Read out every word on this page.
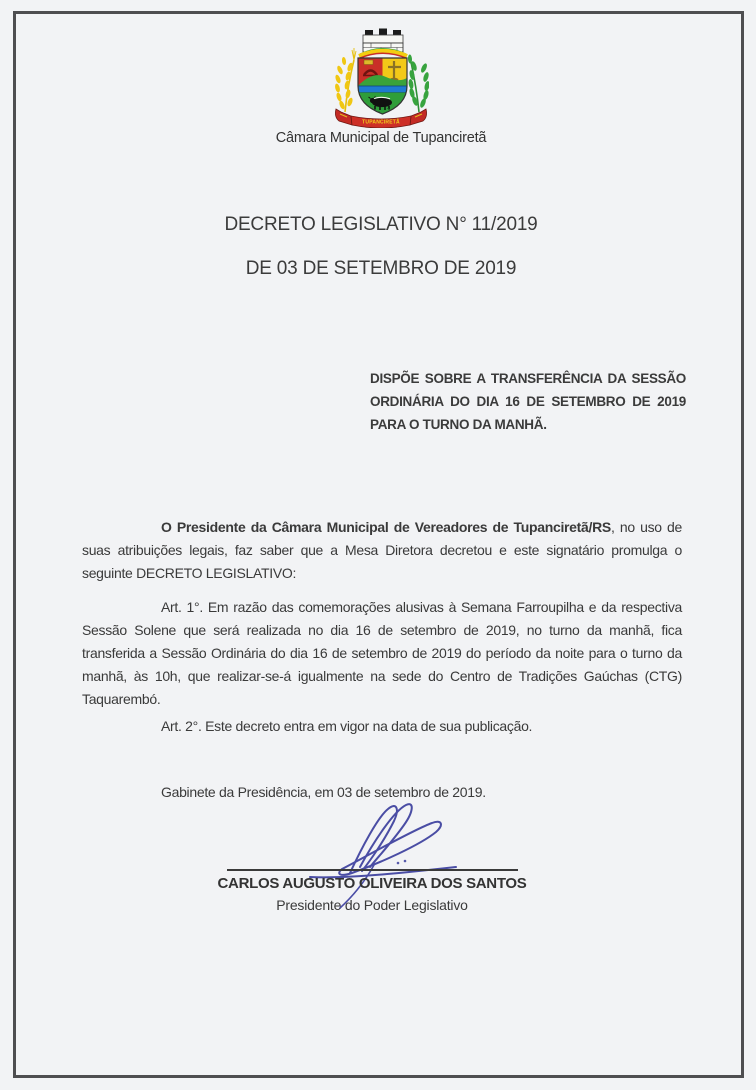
TUPANCIRETÃ
Câmara Municipal de Tupanciretã
DECRETO LEGISLATIVO N° 11/2019
DE 03 DE SETEMBRO DE 2019
DISPÕE SOBRE A TRANSFERÊNCIA DA SESSÃO ORDINÁRIA DO DIA 16 DE SETEMBRO DE 2019 PARA O TURNO DA MANHÃ.

O Presidente da Câmara Municipal de Vereadores de Tupanciretã/RS, no uso de suas atribuições legais, faz saber que a Mesa Diretora decretou e este signatário promulga o seguinte DECRETO LEGISLATIVO:

Art. 1°. Em razão das comemorações alusivas à Semana Farroupilha e da respectiva Sessão Solene que será realizada no dia 16 de setembro de 2019, no turno da manhã, fica transferida a Sessão Ordinária do dia 16 de setembro de 2019 do período da noite para o turno da manhã, às 10h, que realizar-se-á igualmente na sede do Centro de Tradições Gaúchas (CTG) Taquarembó.

Art. 2°. Este decreto entra em vigor na data de sua publicação.

Gabinete da Presidência, em 03 de setembro de 2019.
CARLOS AUGUSTO OLIVEIRA DOS SANTOS
Presidente do Poder Legislativo
